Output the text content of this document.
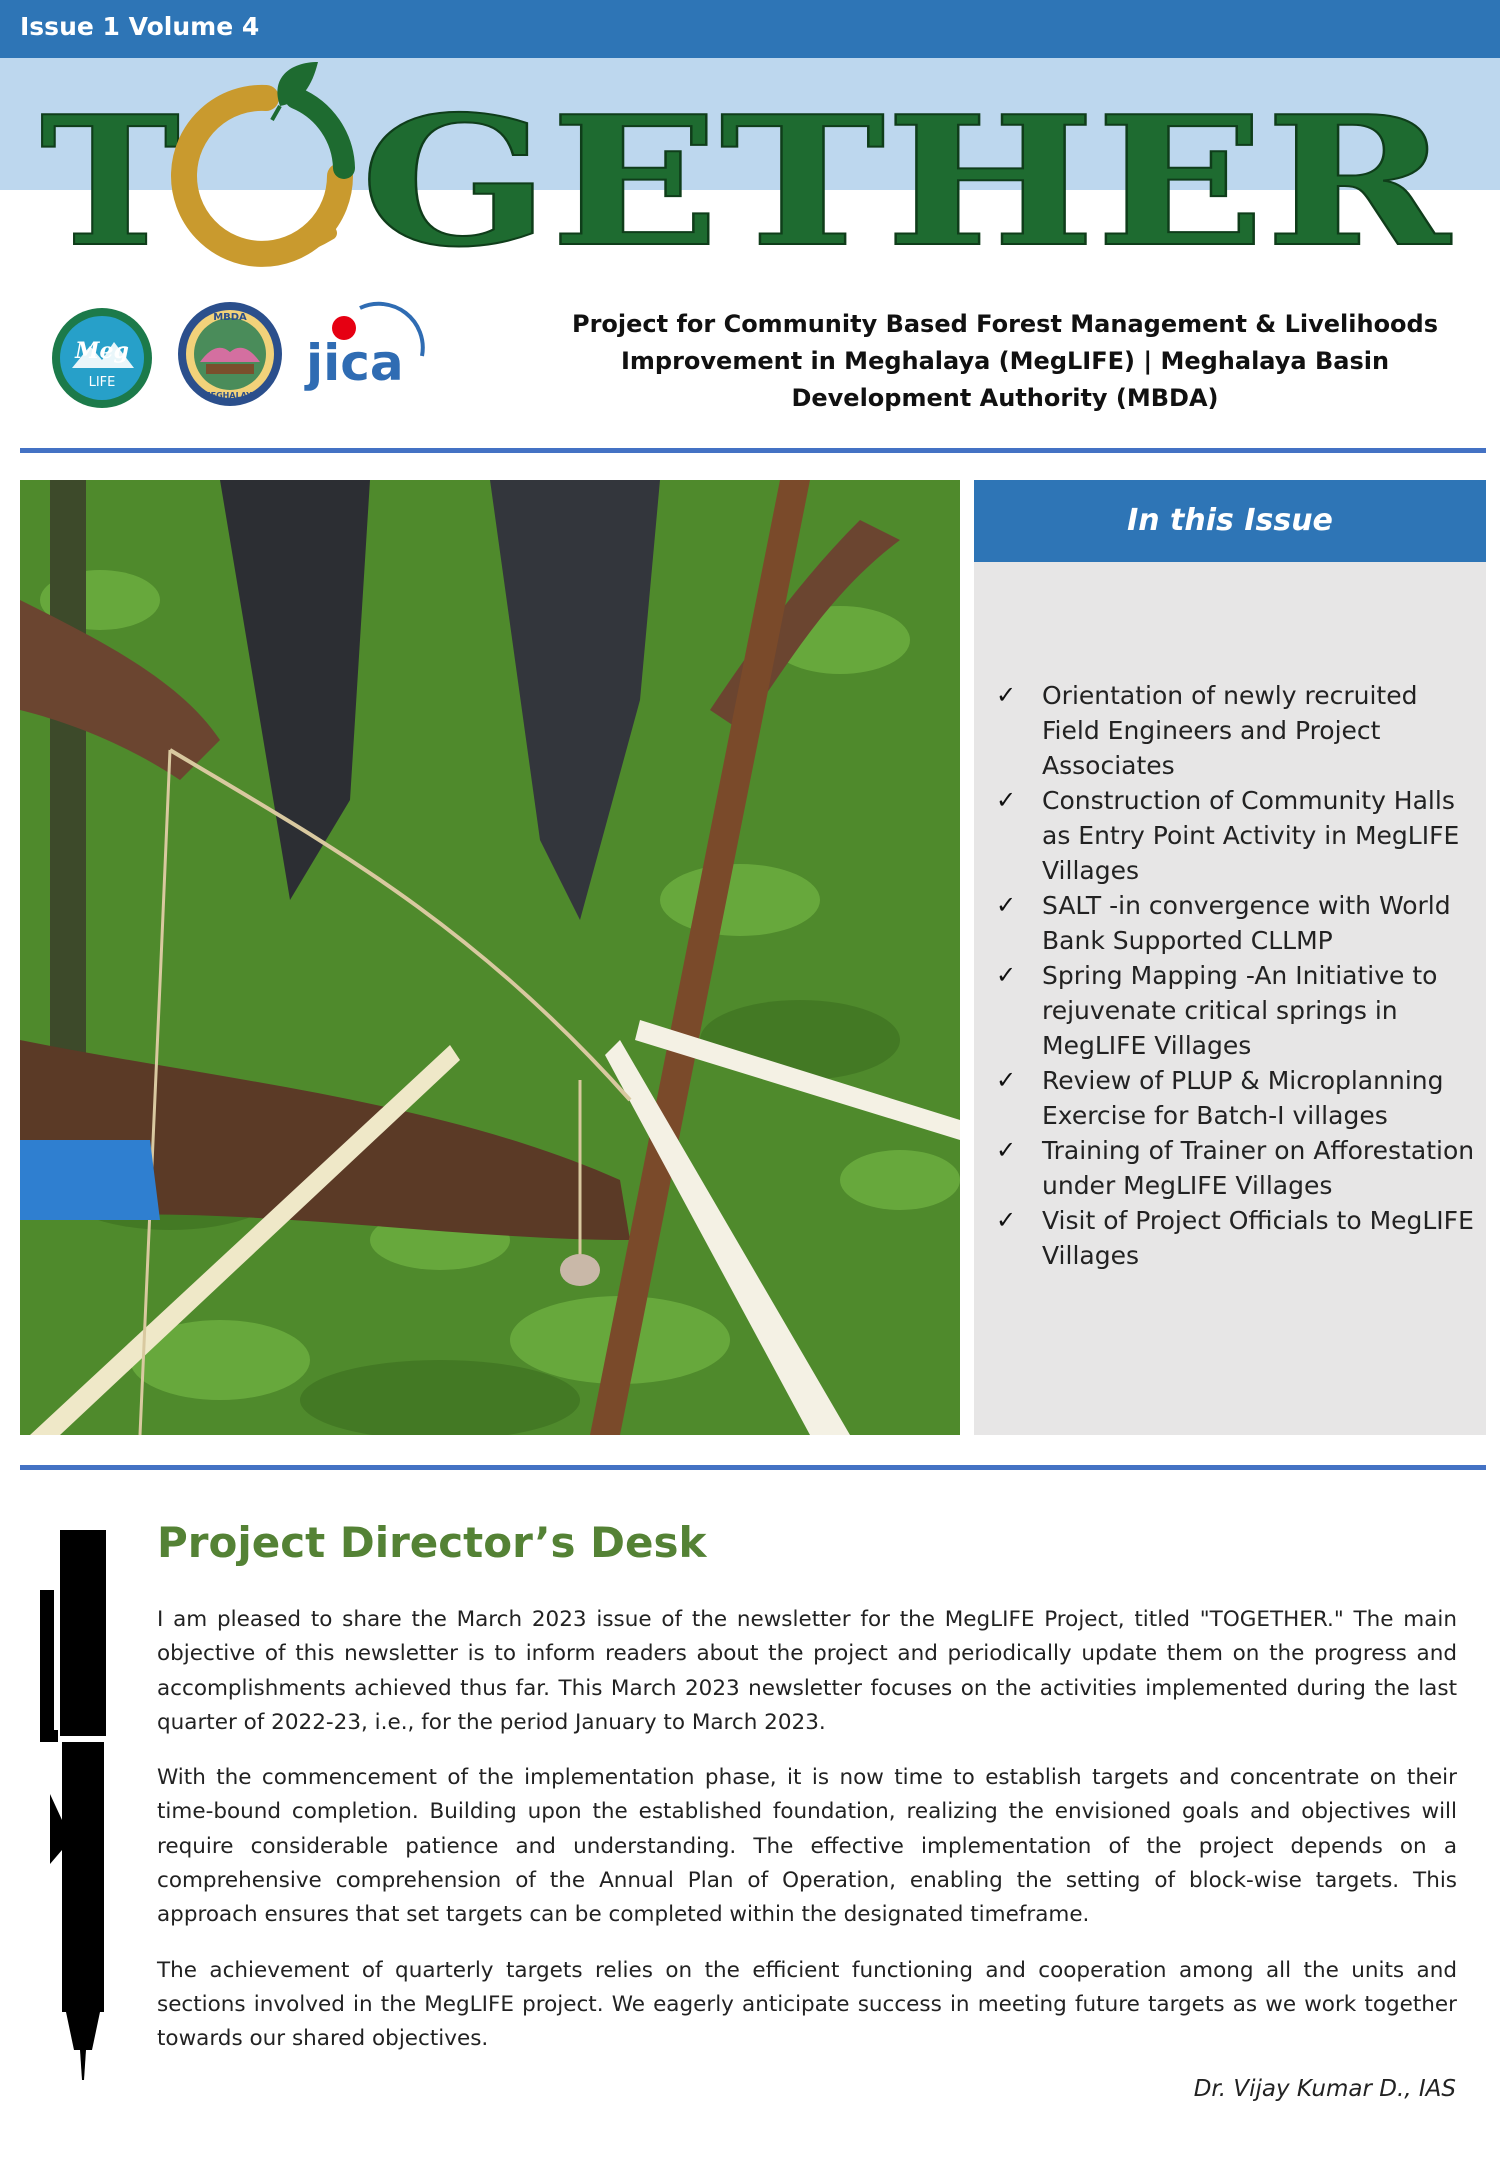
Issue 1 Volume 4
T GETHER
Meg
LIFE
MBDA
MEGHALAYA
jica
Project for Community Based Forest Management & Livelihoods Improvement in Meghalaya (MegLIFE) | Meghalaya Basin Development Authority (MBDA)
In this Issue
✓ Orientation of newly recruited Field Engineers and Project Associates
✓ Construction of Community Halls as Entry Point Activity in MegLIFE Villages
✓ SALT -in convergence with World Bank Supported CLLMP
✓ Spring Mapping -An Initiative to rejuvenate critical springs in MegLIFE Villages
✓ Review of PLUP & Microplanning Exercise for Batch-I villages
✓ Training of Trainer on Afforestation under MegLIFE Villages
✓ Visit of Project Officials to MegLIFE Villages
Project Director’s Desk

I am pleased to share the March 2023 issue of the newsletter for the MegLIFE Project, titled "TOGETHER." The main objective of this newsletter is to inform readers about the project and periodically update them on the progress and accomplishments achieved thus far. This March 2023 newsletter focuses on the activities implemented during the last quarter of 2022-23, i.e., for the period January to March 2023.

With the commencement of the implementation phase, it is now time to establish targets and concentrate on their time-bound completion. Building upon the established foundation, realizing the envisioned goals and objectives will require considerable patience and understanding. The effective implementation of the project depends on a comprehensive comprehension of the Annual Plan of Operation, enabling the setting of block-wise targets. This approach ensures that set targets can be completed within the designated timeframe.

The achievement of quarterly targets relies on the efficient functioning and cooperation among all the units and sections involved in the MegLIFE project. We eagerly anticipate success in meeting future targets as we work together towards our shared objectives.

Dr. Vijay Kumar D., IAS
